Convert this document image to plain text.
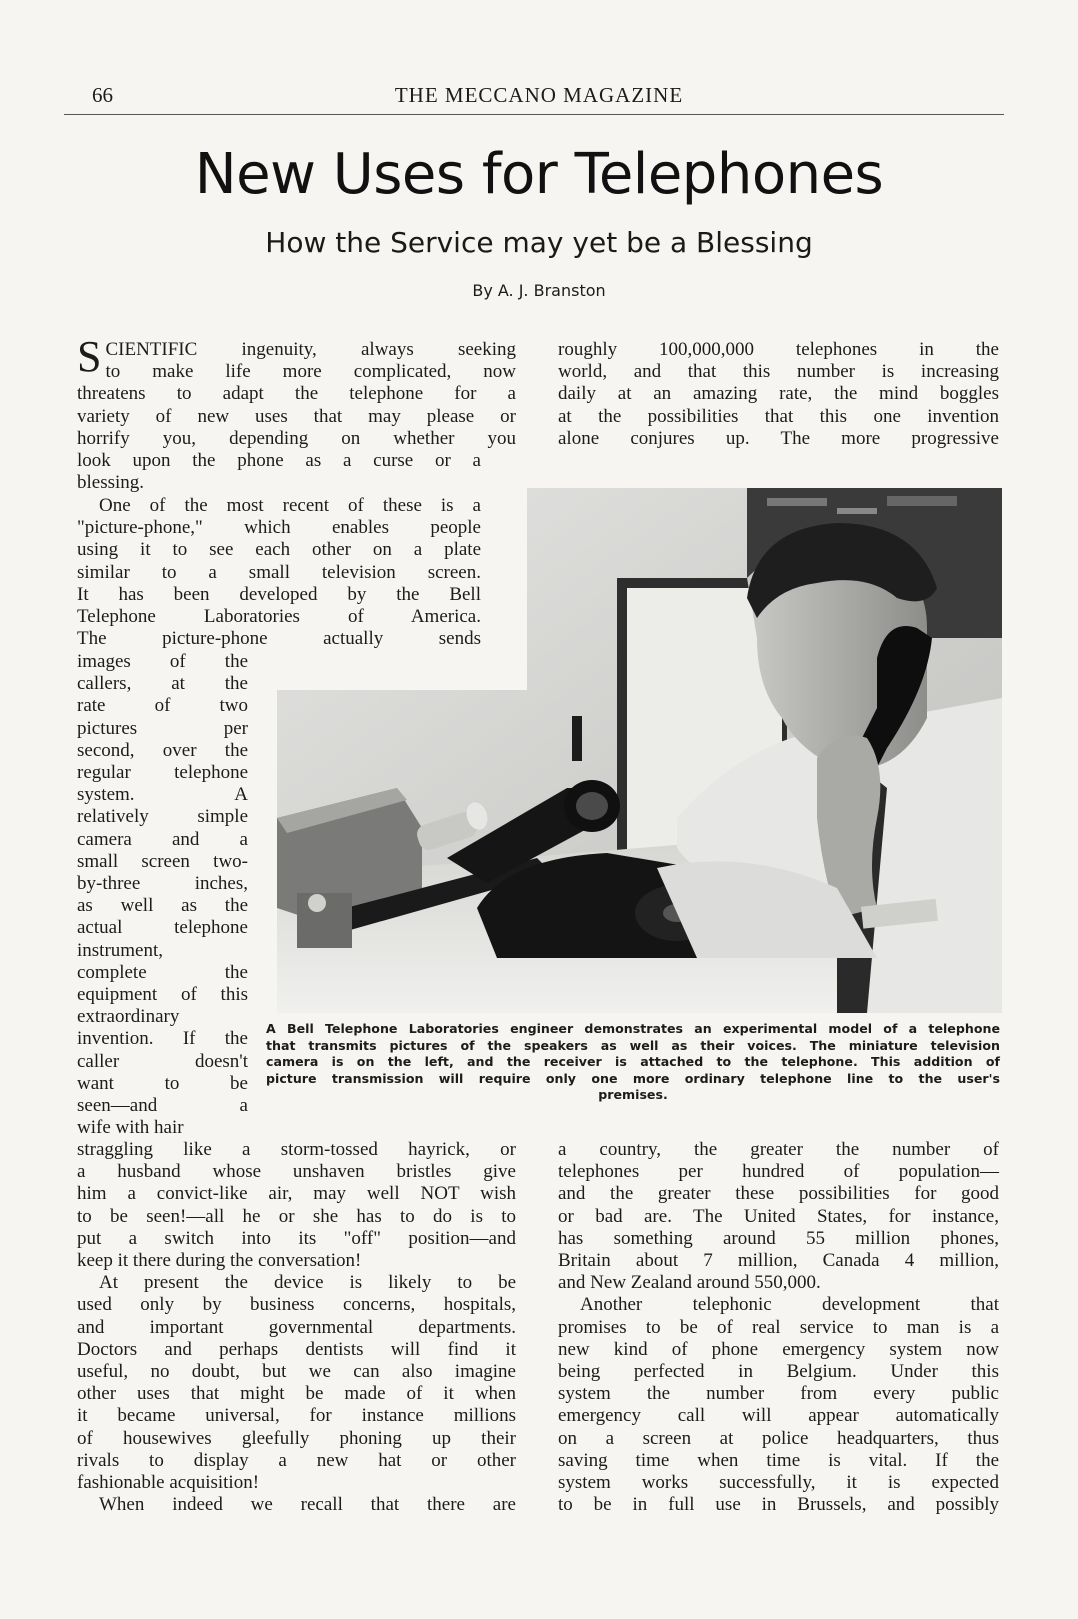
66	THE MECCANO MAGAZINE
New Uses for Telephones
How the Service may yet be a Blessing
By A. J. Branston
SCIENTIFIC ingenuity, always seeking
to make life more complicated, now
threatens to adapt the telephone for a
variety of new uses that may please or
horrify you, depending on whether you
look upon the phone as a curse or a
blessing.
One of the most recent of these is a
"picture-phone," which enables people
using it to see each other on a plate
similar to a small television screen.
It has been developed by the Bell
Telephone Laboratories of America.
The picture-phone actually sends
images of the
callers, at the
rate of two
pictures per
second, over the
regular telephone
system. A
relatively simple
camera and a
small screen two-
by-three inches,
as well as the
actual telephone
instrument,
complete the
equipment of this
extraordinary
invention. If the
caller doesn't
want to be
seen—and a
wife with hair
straggling like a storm-tossed hayrick, or
a husband whose unshaven bristles give
him a convict-like air, may well NOT wish
to be seen!—all he or she has to do is to
put a switch into its "off" position—and
keep it there during the conversation!
At present the device is likely to be
used only by business concerns, hospitals,
and important governmental departments.
Doctors and perhaps dentists will find it
useful, no doubt, but we can also imagine
other uses that might be made of it when
it became universal, for instance millions
of housewives gleefully phoning up their
rivals to display a new hat or other
fashionable acquisition!
When indeed we recall that there are
roughly 100,000,000 telephones in the
world, and that this number is increasing
daily at an amazing rate, the mind boggles
at the possibilities that this one invention
alone conjures up. The more progressive
a country, the greater the number of
telephones per hundred of population—
and the greater these possibilities for good
or bad are. The United States, for instance,
has something around 55 million phones,
Britain about 7 million, Canada 4 million,
and New Zealand around 550,000.
Another telephonic development that
promises to be of real service to man is a
new kind of phone emergency system now
being perfected in Belgium. Under this
system the number from every public
emergency call will appear automatically
on a screen at police headquarters, thus
saving time when time is vital. If the
system works successfully, it is expected
to be in full use in Brussels, and possibly
A Bell Telephone Laboratories engineer demonstrates an experimental model of a telephone
that transmits pictures of the speakers as well as their voices. The miniature television
camera is on the left, and the receiver is attached to the telephone. This addition of
picture transmission will require only one more ordinary telephone line to the user's
premises.
